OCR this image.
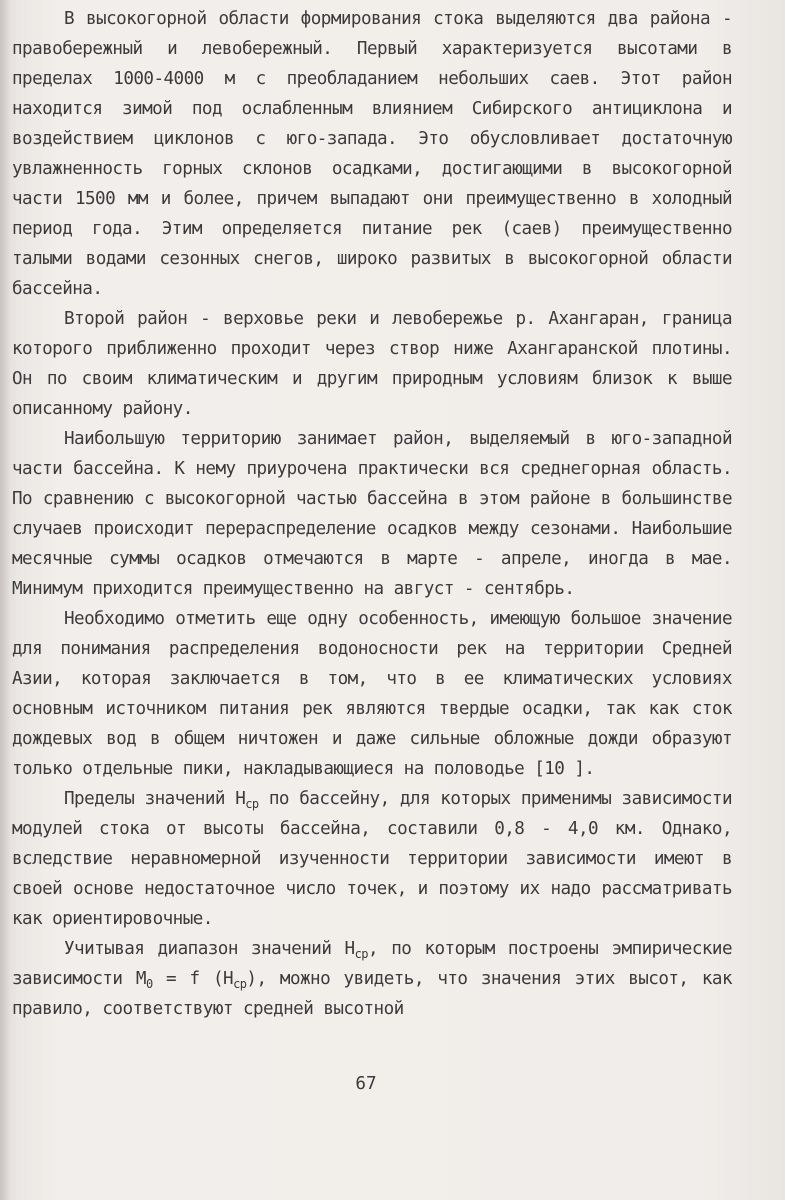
В высокогорной области формирования стока выделяются два района - правобережный и левобережный. Первый характеризуется высотами в пределах 1000-4000 м с преобладанием небольших саев. Этот район находится зимой под ослабленным влиянием Сибирского антициклона и воздействием циклонов с юго-запада. Это обусловливает достаточную увлажненность горных склонов осадками, достигающими в высокогорной части 1500 мм и более, причем выпадают они преимущественно в холодный период года. Этим определяется питание рек (саев) преимущественно талыми водами сезонных снегов, широко развитых в высокогорной области бассейна.

Второй район - верховье реки и левобережье р. Ахангаран, граница которого приближенно проходит через створ ниже Ахангаранской плотины. Он по своим климатическим и другим природным условиям близок к выше описанному району.

Наибольшую территорию занимает район, выделяемый в юго-западной части бассейна. К нему приурочена практически вся среднегорная область. По сравнению с высокогорной частью бассейна в этом районе в большинстве случаев происходит перераспределение осадков между сезонами. Наибольшие месячные суммы осадков отмечаются в марте - апреле, иногда в мае. Минимум приходится преимущественно на август - сентябрь.

Необходимо отметить еще одну особенность, имеющую большое значение для понимания распределения водоносности рек на территории Средней Азии, которая заключается в том, что в ее климатических условиях основным источником питания рек являются твердые осадки, так как сток дождевых вод в общем ничтожен и даже сильные обложные дожди образуют только отдельные пики, накладывающиеся на половодье [10 ].

Пределы значений $H_{ср}$ по бассейну, для которых применимы зависимости модулей стока от высоты бассейна, составили 0,8 - 4,0 км. Однако, вследствие неравномерной изученности территории зависимости имеют в своей основе недостаточное число точек, и поэтому их надо рассматривать как ориентировочные.

Учитывая диапазон значений $H_{ср}$, по которым построены эмпирические зависимости $M_0 = f$ $(H_{ср})$, можно увидеть, что значения этих высот, как правило, соответствуют средней высотной

67
